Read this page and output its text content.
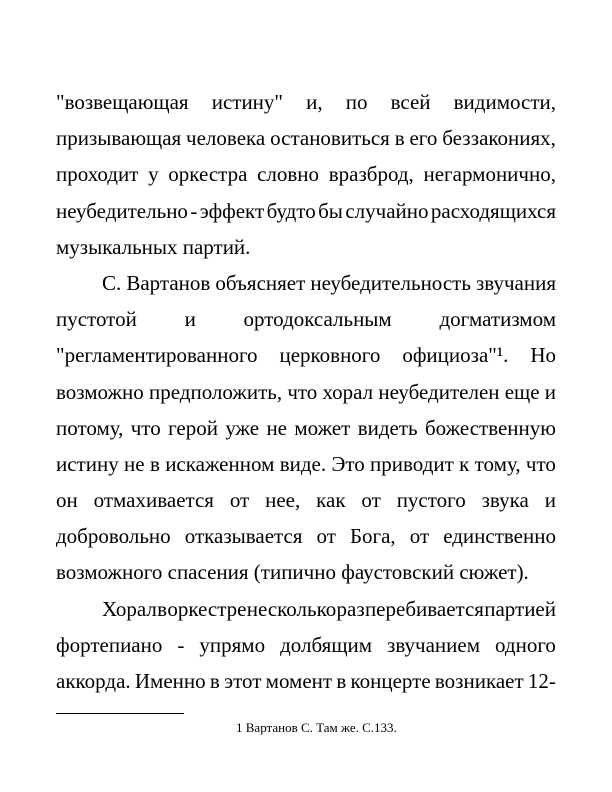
"возвещающая истину" и, по всей видимости,
призывающая человека остановиться в его беззакониях,
проходит у оркестра словно вразброд, негармонично,
неубедительно - эффект будто бы случайно расходящихся
музыкальных партий.
С. Вартанов объясняет неубедительность звучания
пустотой и ортодоксальным догматизмом
"регламентированного церковного официоза"¹. Но
возможно предположить, что хорал неубедителен еще и
потому, что герой уже не может видеть божественную
истину не в искаженном виде. Это приводит к тому, что
он отмахивается от нее, как от пустого звука и
добровольно отказывается от Бога, от единственно
возможного спасения (типично фаустовский сюжет).
Хорал в оркестре несколько раз перебивается партией
фортепиано - упрямо долбящим звучанием одного
аккорда. Именно в этот момент в концерте возникает 12-
1 Вартанов С. Там же. С.133.
